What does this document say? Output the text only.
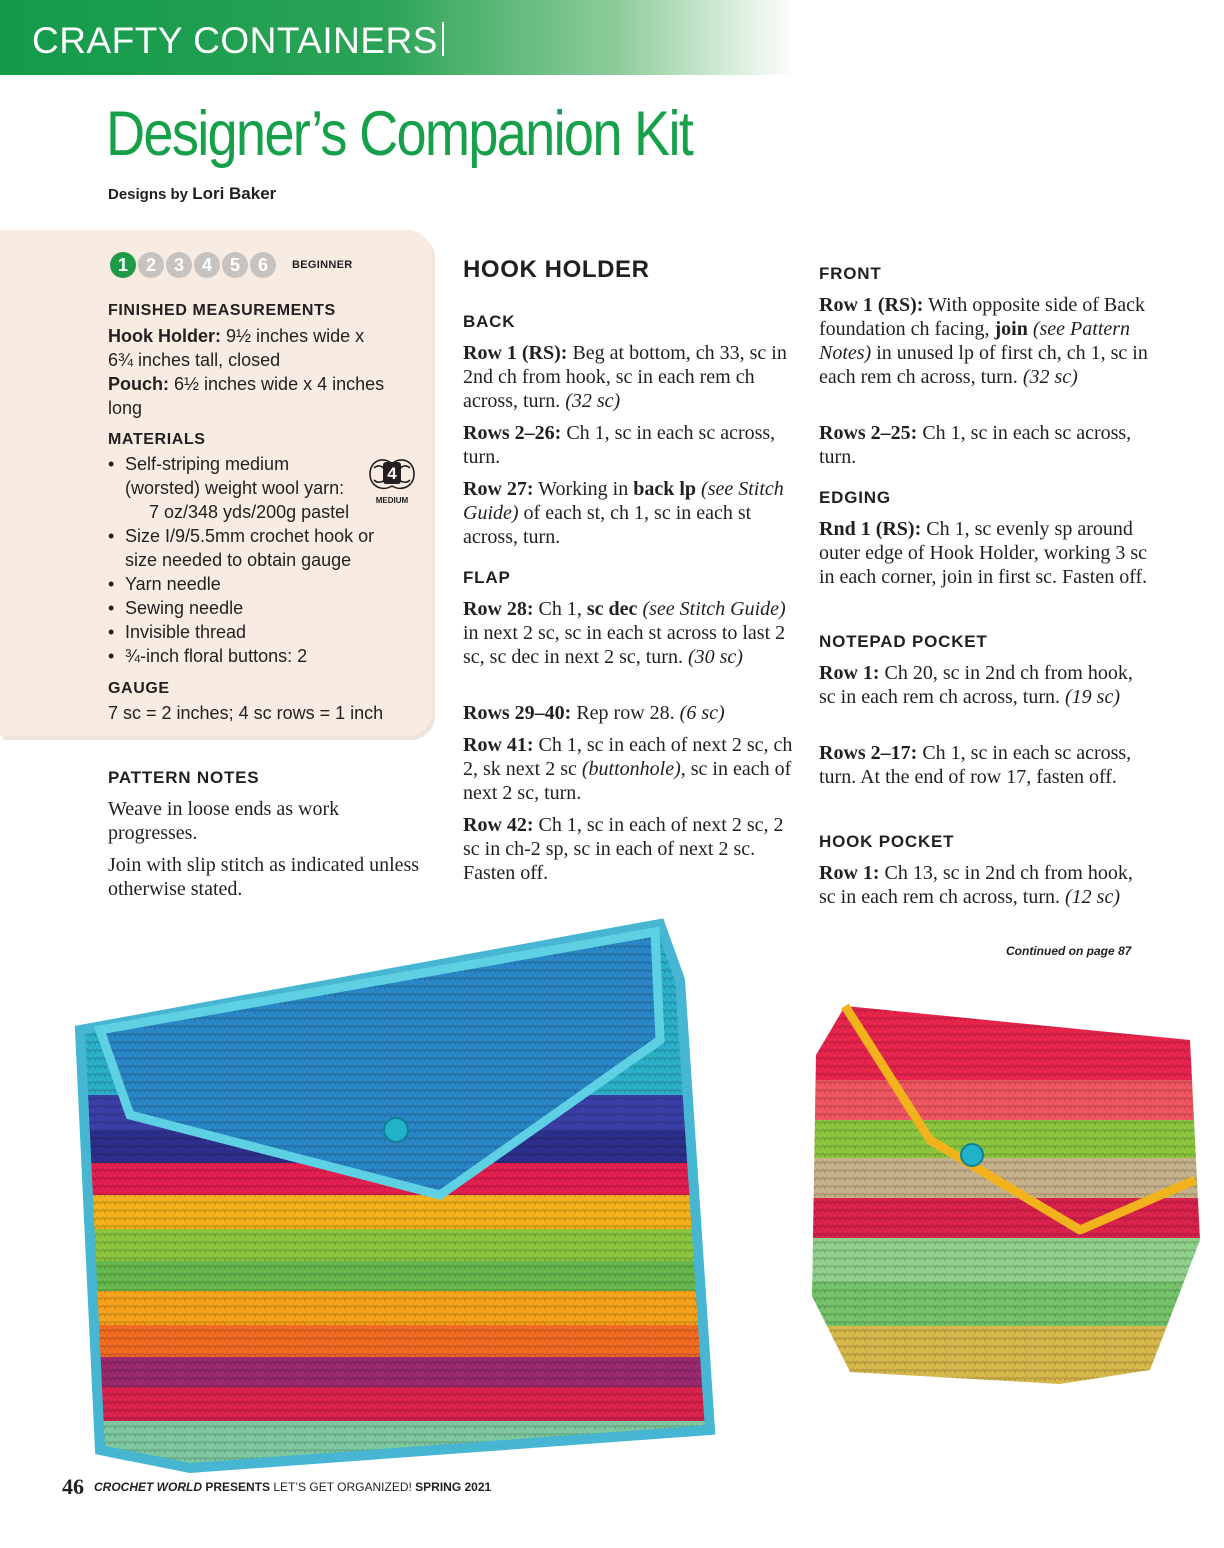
CRAFTY CONTAINERS
Designer’s Companion Kit
Designs by Lori Baker
1 2 3 4 5 6	BEGINNER
FINISHED MEASUREMENTS
Hook Holder: 9½ inches wide x
6¾ inches tall, closed
Pouch: 6½ inches wide x 4 inches
long
MATERIALS
• Self-striping medium
(worsted) weight wool yarn:
7 oz/348 yds/200g pastel
• Size I/9/5.5mm crochet hook or
size needed to obtain gauge
• Yarn needle
• Sewing needle
• Invisible thread
• ¾-inch floral buttons: 2
4
MEDIUM
GAUGE
7 sc = 2 inches; 4 sc rows = 1 inch
PATTERN NOTES

Weave in loose ends as work progresses.

Join with slip stitch as indicated unless otherwise stated.

HOOK HOLDER
BACK

Row 1 (RS): Beg at bottom, ch 33, sc in 2nd ch from hook, sc in each rem ch across, turn. (32 sc)

Rows 2–26: Ch 1, sc in each sc across, turn.

Row 27: Working in back lp (see Stitch Guide) of each st, ch 1, sc in each st across, turn.

FLAP

Row 28: Ch 1, sc dec (see Stitch Guide) in next 2 sc, sc in each st across to last 2 sc, sc dec in next 2 sc, turn. (30 sc)

Rows 29–40: Rep row 28. (6 sc)

Row 41: Ch 1, sc in each of next 2 sc, ch 2, sk next 2 sc (buttonhole), sc in each of next 2 sc, turn.

Row 42: Ch 1, sc in each of next 2 sc, 2 sc in ch-2 sp, sc in each of next 2 sc. Fasten off.

FRONT

Row 1 (RS): With opposite side of Back foundation ch facing, join (see Pattern Notes) in unused lp of first ch, ch 1, sc in each rem ch across, turn. (32 sc)

Rows 2–25: Ch 1, sc in each sc across, turn.

EDGING

Rnd 1 (RS): Ch 1, sc evenly sp around outer edge of Hook Holder, working 3 sc in each corner, join in first sc. Fasten off.

NOTEPAD POCKET

Row 1: Ch 20, sc in 2nd ch from hook, sc in each rem ch across, turn. (19 sc)

Rows 2–17: Ch 1, sc in each sc across, turn. At the end of row 17, fasten off.

HOOK POCKET

Row 1: Ch 13, sc in 2nd ch from hook, sc in each rem ch across, turn. (12 sc)

Continued on page 87
46 CROCHET WORLD PRESENTS LET’S GET ORGANIZED! SPRING 2021
